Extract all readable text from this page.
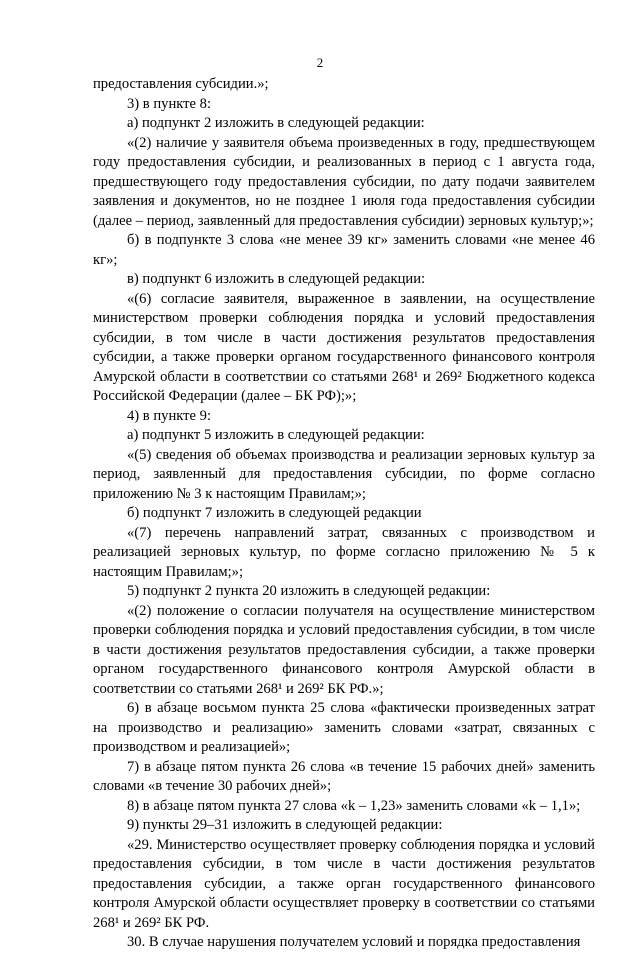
2

предоставления субсидии.»;

3) в пункте 8:

а) подпункт 2 изложить в следующей редакции:

«(2) наличие у заявителя объема произведенных в году, предшествующем году предоставления субсидии, и реализованных в период с 1 августа года, предшествующего году предоставления субсидии, по дату подачи заявителем заявления и документов, но не позднее 1 июля года предоставления субсидии (далее – период, заявленный для предоставления субсидии) зерновых культур;»;

б) в подпункте 3 слова «не менее 39 кг» заменить словами «не менее 46 кг»;

в) подпункт 6 изложить в следующей редакции:

«(6) согласие заявителя, выраженное в заявлении, на осуществление министерством проверки соблюдения порядка и условий предоставления субсидии, в том числе в части достижения результатов предоставления субсидии, а также проверки органом государственного финансового контроля Амурской области в соответствии со статьями 268¹ и 269² Бюджетного кодекса Российской Федерации (далее – БК РФ);»;

4) в пункте 9:

а) подпункт 5 изложить в следующей редакции:

«(5) сведения об объемах производства и реализации зерновых культур за период, заявленный для предоставления субсидии, по форме согласно приложению № 3 к настоящим Правилам;»;

б) подпункт 7 изложить в следующей редакции

«(7) перечень направлений затрат, связанных с производством и реализацией зерновых культур, по форме согласно приложению № 5 к настоящим Правилам;»;

5) подпункт 2 пункта 20 изложить в следующей редакции:

«(2) положение о согласии получателя на осуществление министерством проверки соблюдения порядка и условий предоставления субсидии, в том числе в части достижения результатов предоставления субсидии, а также проверки органом государственного финансового контроля Амурской области в соответствии со статьями 268¹ и 269² БК РФ.»;

6) в абзаце восьмом пункта 25 слова «фактически произведенных затрат на производство и реализацию» заменить словами «затрат, связанных с производством и реализацией»;

7) в абзаце пятом пункта 26 слова «в течение 15 рабочих дней» заменить словами «в течение 30 рабочих дней»;

8) в абзаце пятом пункта 27 слова «k – 1,23» заменить словами «k – 1,1»;

9) пункты 29–31 изложить в следующей редакции:

«29. Министерство осуществляет проверку соблюдения порядка и условий предоставления субсидии, в том числе в части достижения результатов предоставления субсидии, а также орган государственного финансового контроля Амурской области осуществляет проверку в соответствии со статьями 268¹ и 269² БК РФ.

30. В случае нарушения получателем условий и порядка предоставления
